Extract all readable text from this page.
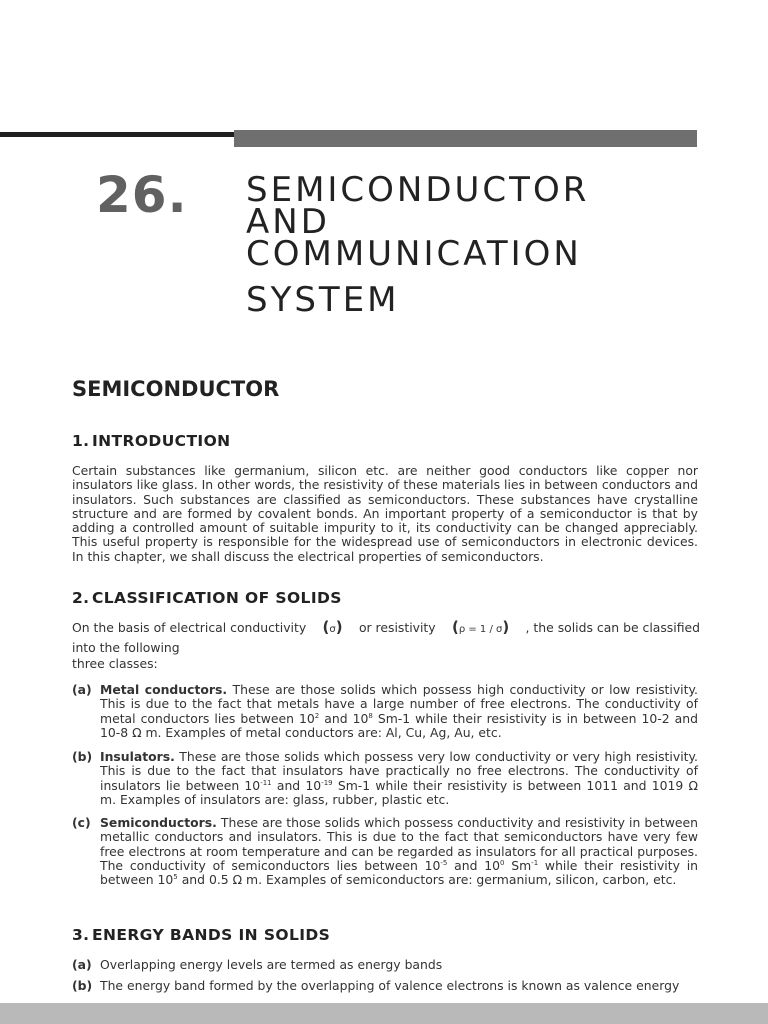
26. SEMICONDUCTOR
AND
COMMUNICATION
SYSTEM
SEMICONDUCTOR
1. INTRODUCTION
Certain substances like germanium, silicon etc. are neither good conductors like copper nor insulators like glass. In other words, the resistivity of these materials lies in between conductors and insulators. Such substances are classified as semiconductors. These substances have crystalline structure and are formed by covalent bonds. An important property of a semiconductor is that by adding a controlled amount of suitable impurity to it, its conductivity can be changed appreciably. This useful property is responsible for the widespread use of semiconductors in electronic devices. In this chapter, we shall discuss the electrical properties of semiconductors.
2. CLASSIFICATION OF SOLIDS
On the basis of electrical conductivity (σ) or resistivity (ρ = 1 / σ) , the solids can be classified
into the following
three classes:
(a) Metal conductors. These are those solids which possess high conductivity or low resistivity. This is due to the fact that metals have a large number of free electrons. The conductivity of metal conductors lies between $10^2$ and $10^8$ Sm-1 while their resistivity is in between 10-2 and 10-8 Ω m. Examples of metal conductors are: Al, Cu, Ag, Au, etc.
(b) Insulators. These are those solids which possess very low conductivity or very high resistivity. This is due to the fact that insulators have practically no free electrons. The conductivity of insulators lie between $10^{-11}$ and $10^{-19}$ Sm-1 while their resistivity is between 1011 and 1019 Ω m. Examples of insulators are: glass, rubber, plastic etc.
(c) Semiconductors. These are those solids which possess conductivity and resistivity in between metallic conductors and insulators. This is due to the fact that semiconductors have very few free electrons at room temperature and can be regarded as insulators for all practical purposes. The conductivity of semiconductors lies between $10^{-5}$ and $10^0$ $Sm^{-1}$ while their resistivity in between $10^5$ and 0.5 Ω m. Examples of semiconductors are: germanium, silicon, carbon, etc.
3. ENERGY BANDS IN SOLIDS
(a) Overlapping energy levels are termed as energy bands
(b) The energy band formed by the overlapping of valence electrons is known as valence energy
